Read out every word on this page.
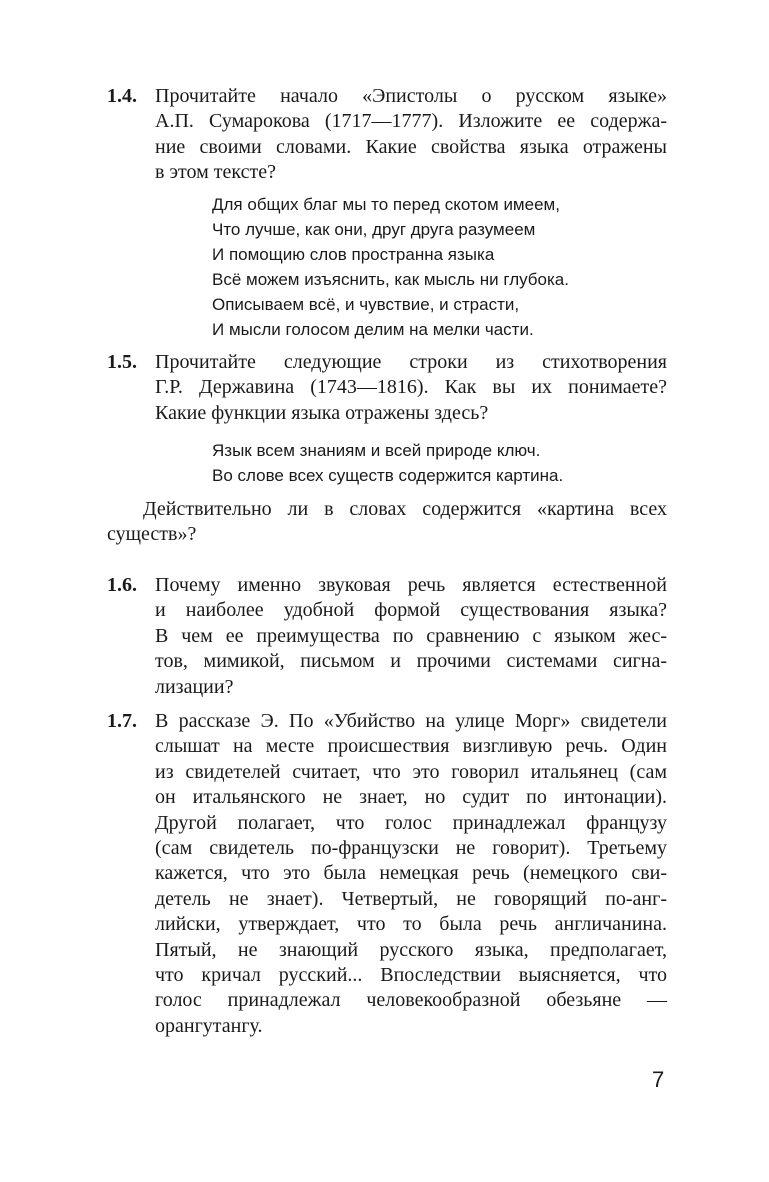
1.4. Прочитайте начало «Эпистолы о русском языке»
А.П. Сумарокова (1717—1777). Изложите ее содержа-
ние своими словами. Какие свойства языка отражены
в этом тексте?
Для общих благ мы то перед скотом имеем,
Что лучше, как они, друг друга разумеем
И помощию слов пространна языка
Всё можем изъяснить, как мысль ни глубока.
Описываем всё, и чувствие, и страсти,
И мысли голосом делим на мелки части.
1.5. Прочитайте следующие строки из стихотворения
Г.Р. Державина (1743—1816). Как вы их понимаете?
Какие функции языка отражены здесь?
Язык всем знаниям и всей природе ключ.
Во слове всех существ содержится картина.
Действительно ли в словах содержится «картина всех
существ»?
1.6. Почему именно звуковая речь является естественной
и наиболее удобной формой существования языка?
В чем ее преимущества по сравнению с языком жес-
тов, мимикой, письмом и прочими системами сигна-
лизации?
1.7. В рассказе Э. По «Убийство на улице Морг» свидетели
слышат на месте происшествия визгливую речь. Один
из свидетелей считает, что это говорил итальянец (сам
он итальянского не знает, но судит по интонации).
Другой полагает, что голос принадлежал французу
(сам свидетель по-французски не говорит). Третьему
кажется, что это была немецкая речь (немецкого сви-
детель не знает). Четвертый, не говорящий по-анг-
лийски, утверждает, что то была речь англичанина.
Пятый, не знающий русского языка, предполагает,
что кричал русский... Впоследствии выясняется, что
голос принадлежал человекообразной обезьяне —
орангутангу.
7
